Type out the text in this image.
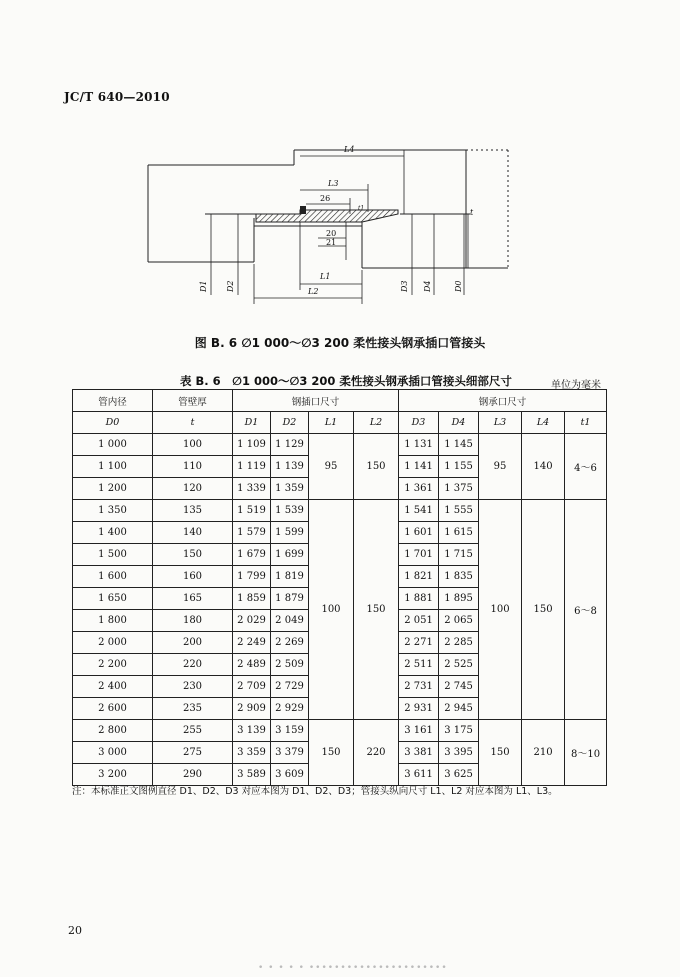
JC/T 640—2010
L4
L3
26
t1
20
21
t
L1
L2
D1 D2	D3 D4	D0
图 B. 6 ∅1 000～∅3 200 柔性接头钢承插口管接头
表 B. 6　∅1 000～∅3 200 柔性接头钢承插口管接头细部尺寸	单位为毫米
管内径	管壁厚	钢插口尺寸				钢承口尺寸				
D0	t	D1	D2	L1	L2	D3	D4	L3	L4	t1
1 000	100	1 109	1 129	95	150	1 131	1 145	95	140	4～6
1 100	110	1 119	1 139			1 141	1 155			
1 200	120	1 339	1 359			1 361	1 375			
1 350	135	1 519	1 539	100	150	1 541	1 555	100	150	6～8
1 400	140	1 579	1 599			1 601	1 615			
1 500	150	1 679	1 699			1 701	1 715			
1 600	160	1 799	1 819			1 821	1 835			
1 650	165	1 859	1 879			1 881	1 895			
1 800	180	2 029	2 049			2 051	2 065			
2 000	200	2 249	2 269			2 271	2 285			
2 200	220	2 489	2 509			2 511	2 525			
2 400	230	2 709	2 729			2 731	2 745			
2 600	235	2 909	2 929			2 931	2 945			
2 800	255	3 139	3 159	150	220	3 161	3 175	150	210	8～10
3 000	275	3 359	3 379			3 381	3 395			
3 200	290	3 589	3 609			3 611	3 625			
注：本标准正文图例直径 D1、D2、D3 对应本图为 D1、D2、D3；管接头纵向尺寸 L1、L2 对应本图为 L1、L3。
20
• • • • • ••••••••••••••••••••••
